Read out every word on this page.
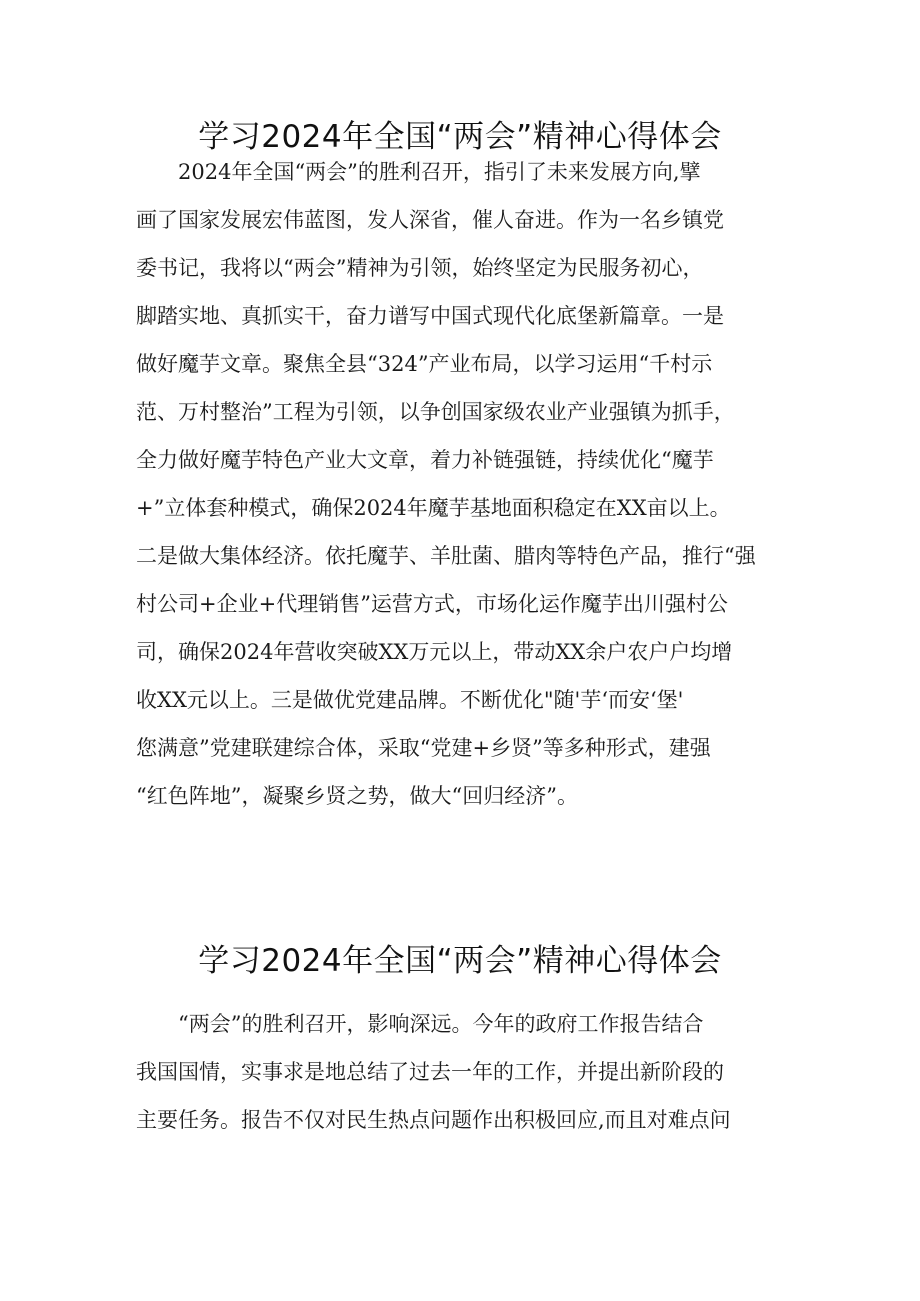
学习2024年全国“两会”精神心得体会
　　2024年全国“两会”的胜利召开，指引了未来发展方向,擘
画了国家发展宏伟蓝图，发人深省，催人奋进。作为一名乡镇党
委书记，我将以“两会”精神为引领，始终坚定为民服务初心，
脚踏实地、真抓实干，奋力谱写中国式现代化底堡新篇章。一是
做好魔芋文章。聚焦全县“324”产业布局，以学习运用“千村示
范、万村整治”工程为引领，以争创国家级农业产业强镇为抓手，
全力做好魔芋特色产业大文章，着力补链强链，持续优化“魔芋
+”立体套种模式，确保2024年魔芋基地面积稳定在XX亩以上。
二是做大集体经济。依托魔芋、羊肚菌、腊肉等特色产品，推行“强
村公司+企业+代理销售”运营方式，市场化运作魔芋出川强村公
司，确保2024年营收突破XX万元以上，带动XX余户农户户均增
收XX元以上。三是做优党建品牌。不断优化"随'芋‘而安‘堡'
您满意”党建联建综合体，采取“党建+乡贤”等多种形式，建强
“红色阵地”，凝聚乡贤之势，做大“回归经济”。
学习2024年全国“两会”精神心得体会
　　“两会”的胜利召开，影响深远。今年的政府工作报告结合
我国国情，实事求是地总结了过去一年的工作，并提出新阶段的
主要任务。报告不仅对民生热点问题作出积极回应,而且对难点问
